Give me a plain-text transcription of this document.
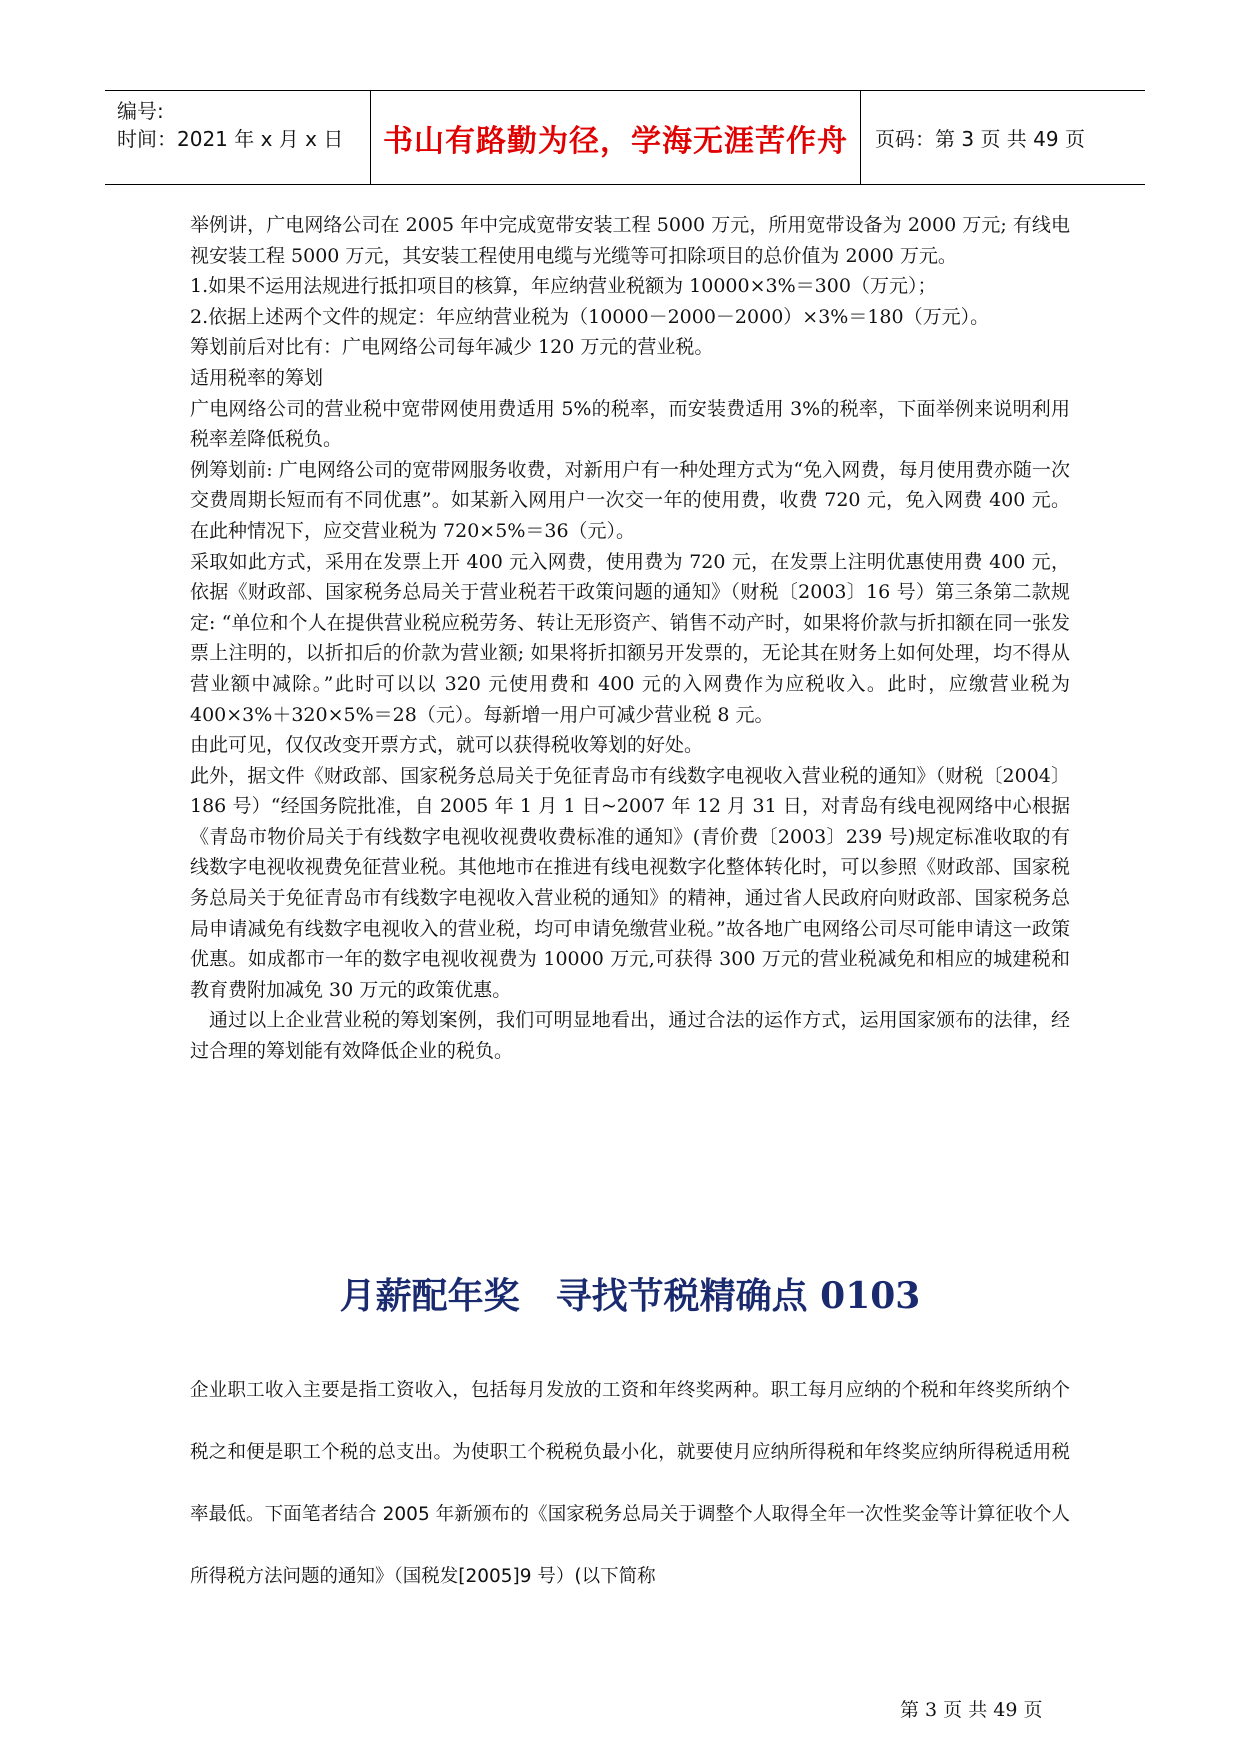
编号:
时间：2021 年 x 月 x 日	书山有路勤为径，学海无涯苦作舟	页码：第 3 页 共 49 页

举例讲，广电网络公司在 2005 年中完成宽带安装工程 5000 万元，所用宽带设备为 2000 万元; 有线电视安装工程 5000 万元，其安装工程使用电缆与光缆等可扣除项目的总价值为 2000 万元。

1.如果不运用法规进行抵扣项目的核算，年应纳营业税额为 10000×3%＝300（万元）；

2.依据上述两个文件的规定：年应纳营业税为（10000－2000－2000）×3%＝180（万元）。

筹划前后对比有：广电网络公司每年减少 120 万元的营业税。

适用税率的筹划

广电网络公司的营业税中宽带网使用费适用 5%的税率，而安装费适用 3%的税率，下面举例来说明利用税率差降低税负。

例筹划前: 广电网络公司的宽带网服务收费，对新用户有一种处理方式为“免入网费，每月使用费亦随一次交费周期长短而有不同优惠”。如某新入网用户一次交一年的使用费，收费 720 元，免入网费 400 元。在此种情况下，应交营业税为 720×5%＝36（元）。

采取如此方式，采用在发票上开 400 元入网费，使用费为 720 元，在发票上注明优惠使用费 400 元，依据《财政部、国家税务总局关于营业税若干政策问题的通知》（财税〔2003〕16 号）第三条第二款规定: “单位和个人在提供营业税应税劳务、转让无形资产、销售不动产时，如果将价款与折扣额在同一张发票上注明的，以折扣后的价款为营业额; 如果将折扣额另开发票的，无论其在财务上如何处理，均不得从营业额中减除。”此时可以以 320 元使用费和 400 元的入网费作为应税收入。此时，应缴营业税为 400×3%＋320×5%＝28（元）。每新增一用户可减少营业税 8 元。

由此可见，仅仅改变开票方式，就可以获得税收筹划的好处。

此外，据文件《财政部、国家税务总局关于免征青岛市有线数字电视收入营业税的通知》（财税〔2004〕186 号）“经国务院批准，自 2005 年 1 月 1 日~2007 年 12 月 31 日，对青岛有线电视网络中心根据《青岛市物价局关于有线数字电视收视费收费标准的通知》(青价费〔2003〕239 号)规定标准收取的有线数字电视收视费免征营业税。其他地市在推进有线电视数字化整体转化时，可以参照《财政部、国家税务总局关于免征青岛市有线数字电视收入营业税的通知》的精神，通过省人民政府向财政部、国家税务总局申请减免有线数字电视收入的营业税，均可申请免缴营业税。”故各地广电网络公司尽可能申请这一政策优惠。如成都市一年的数字电视收视费为 10000 万元,可获得 300 万元的营业税减免和相应的城建税和教育费附加减免 30 万元的政策优惠。

通过以上企业营业税的筹划案例，我们可明显地看出，通过合法的运作方式，运用国家颁布的法律，经过合理的筹划能有效降低企业的税负。

月薪配年奖　寻找节税精确点 0103

企业职工收入主要是指工资收入，包括每月发放的工资和年终奖两种。职工每月应纳的个税和年终奖所纳个税之和便是职工个税的总支出。为使职工个税税负最小化，就要使月应纳所得税和年终奖应纳所得税适用税率最低。下面笔者结合 2005 年新颁布的《国家税务总局关于调整个人取得全年一次性奖金等计算征收个人所得税方法问题的通知》（国税发[2005]9 号）(以下简称

第 3 页 共 49 页
